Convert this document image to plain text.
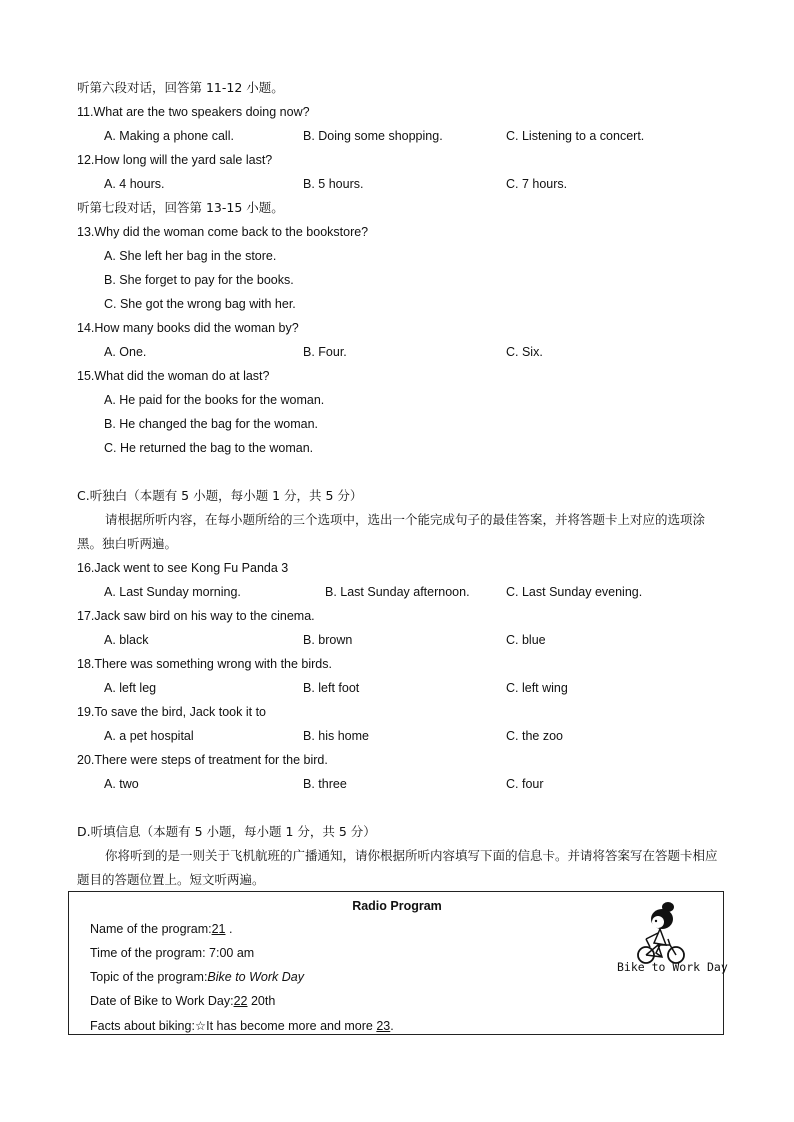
听第六段对话，回答第 11-12 小题。
11.What are the two speakers doing now?
A. Making a phone call.	B. Doing some shopping.	C. Listening to a concert.
12.How long will the yard sale last?
A. 4 hours.	B. 5 hours.	C. 7 hours.
听第七段对话，回答第 13-15 小题。
13.Why did the woman come back to the bookstore?
A. She left her bag in the store.
B. She forget to pay for the books.
C. She got the wrong bag with her.
14.How many books did the woman by?
A. One.	B. Four.	C. Six.
15.What did the woman do at last?
A. He paid for the books for the woman.
B. He changed the bag for the woman.
C. He returned the bag to the woman.
C.听独白（本题有 5 小题，每小题 1 分，共 5 分）
请根据所听内容，在每小题所给的三个选项中，选出一个能完成句子的最佳答案，并将答题卡上对应的选项涂黑。独白听两遍。
16.Jack went to see Kong Fu Panda 3
A. Last Sunday morning.	B. Last Sunday afternoon.	C. Last Sunday evening.
17.Jack saw bird on his way to the cinema.
A. black	B. brown	C. blue
18.There was something wrong with the birds.
A. left leg	B. left foot	C. left wing
19.To save the bird, Jack took it to
A. a pet hospital	B. his home	C. the zoo
20.There were steps of treatment for the bird.
A. two	B. three	C. four
D.听填信息（本题有 5 小题，每小题 1 分，共 5 分）
你将听到的是一则关于飞机航班的广播通知，请你根据所听内容填写下面的信息卡。并请将答案写在答题卡相应题目的答题位置上。短文听两遍。
Radio Program
Name of the program:21 .
Time of the program: 7:00 am
Topic of the program:Bike to Work Day
Date of Bike to Work Day:22 20th
Facts about biking:☆It has become more and more 23.
Bike to Work Day
